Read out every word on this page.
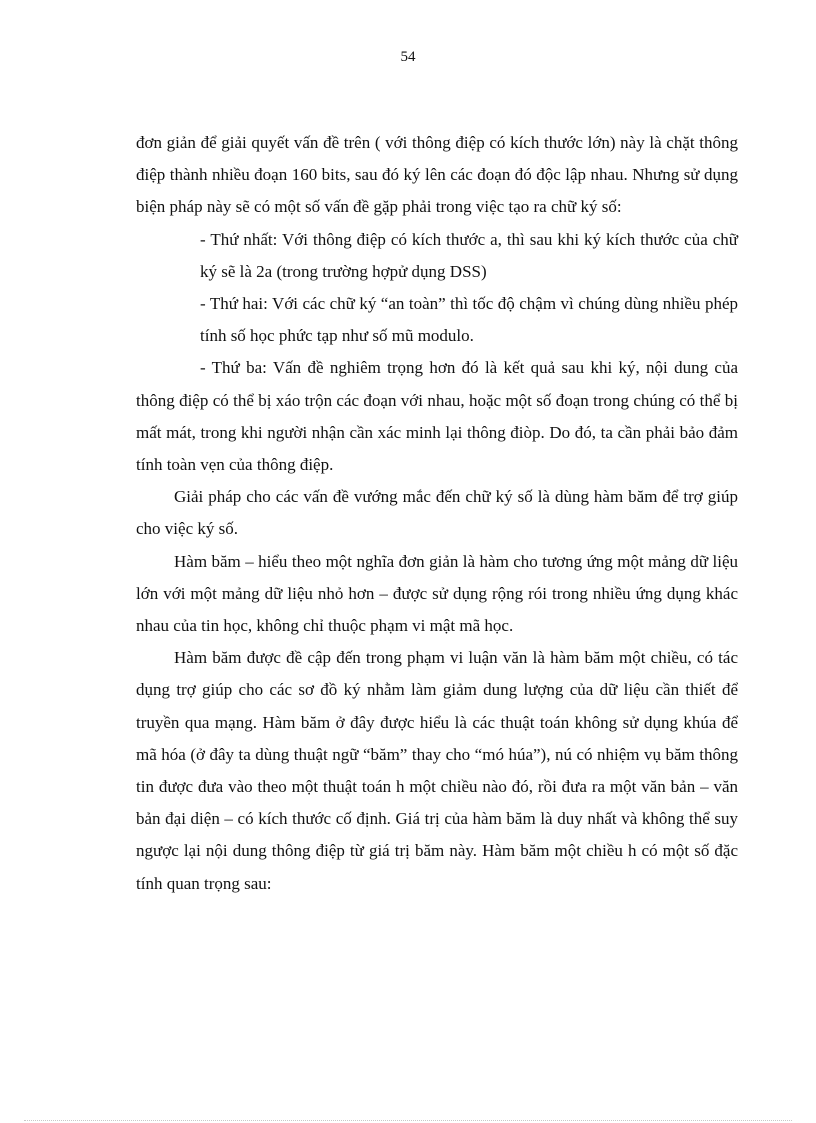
54

đơn giản để giải quyết vấn đề trên ( với thông điệp có kích thước lớn) này là chặt thông điệp thành nhiều đoạn 160 bits, sau đó ký lên các đoạn đó độc lập nhau. Nhưng sử dụng biện pháp này sẽ có một số vấn đề gặp phải trong việc tạo ra chữ ký số:

- Thứ nhất: Với thông điệp có kích thước a, thì sau khi ký kích thước của chữ ký sẽ là 2a (trong trường hợpử dụng DSS)

- Thứ hai: Với các chữ ký “an toàn” thì tốc độ chậm vì chúng dùng nhiều phép tính số học phức tạp như số mũ modulo.

- Thứ ba: Vấn đề nghiêm trọng hơn đó là kết quả sau khi ký, nội dung của thông điệp có thể bị xáo trộn các đoạn với nhau, hoặc một số đoạn trong chúng có thể bị mất mát, trong khi người nhận cần xác minh lại thông điòp. Do đó, ta cần phải bảo đảm tính toàn vẹn của thông điệp.

Giải pháp cho các vấn đề vướng mắc đến chữ ký số là dùng hàm băm để trợ giúp cho việc ký số.

Hàm băm – hiểu theo một nghĩa đơn giản là hàm cho tương ứng một mảng dữ liệu lớn với một mảng dữ liệu nhỏ hơn – được sử dụng rộng rói trong nhiều ứng dụng khác nhau của tin học, không chỉ thuộc phạm vi mật mã học.

Hàm băm được đề cập đến trong phạm vi luận văn là hàm băm một chiều, có tác dụng trợ giúp cho các sơ đồ ký nhằm làm giảm dung lượng của dữ liệu cần thiết để truyền qua mạng. Hàm băm ở đây được hiểu là các thuật toán không sử dụng khúa để mã hóa (ở đây ta dùng thuật ngữ “băm” thay cho “mó húa”), nú có nhiệm vụ băm thông tin được đưa vào theo một thuật toán h một chiều nào đó, rồi đưa ra một văn bản – văn bản đại diện – có kích thước cố định. Giá trị của hàm băm là duy nhất và không thể suy ngược lại nội dung thông điệp từ giá trị băm này. Hàm băm một chiều h có một số đặc tính quan trọng sau:
